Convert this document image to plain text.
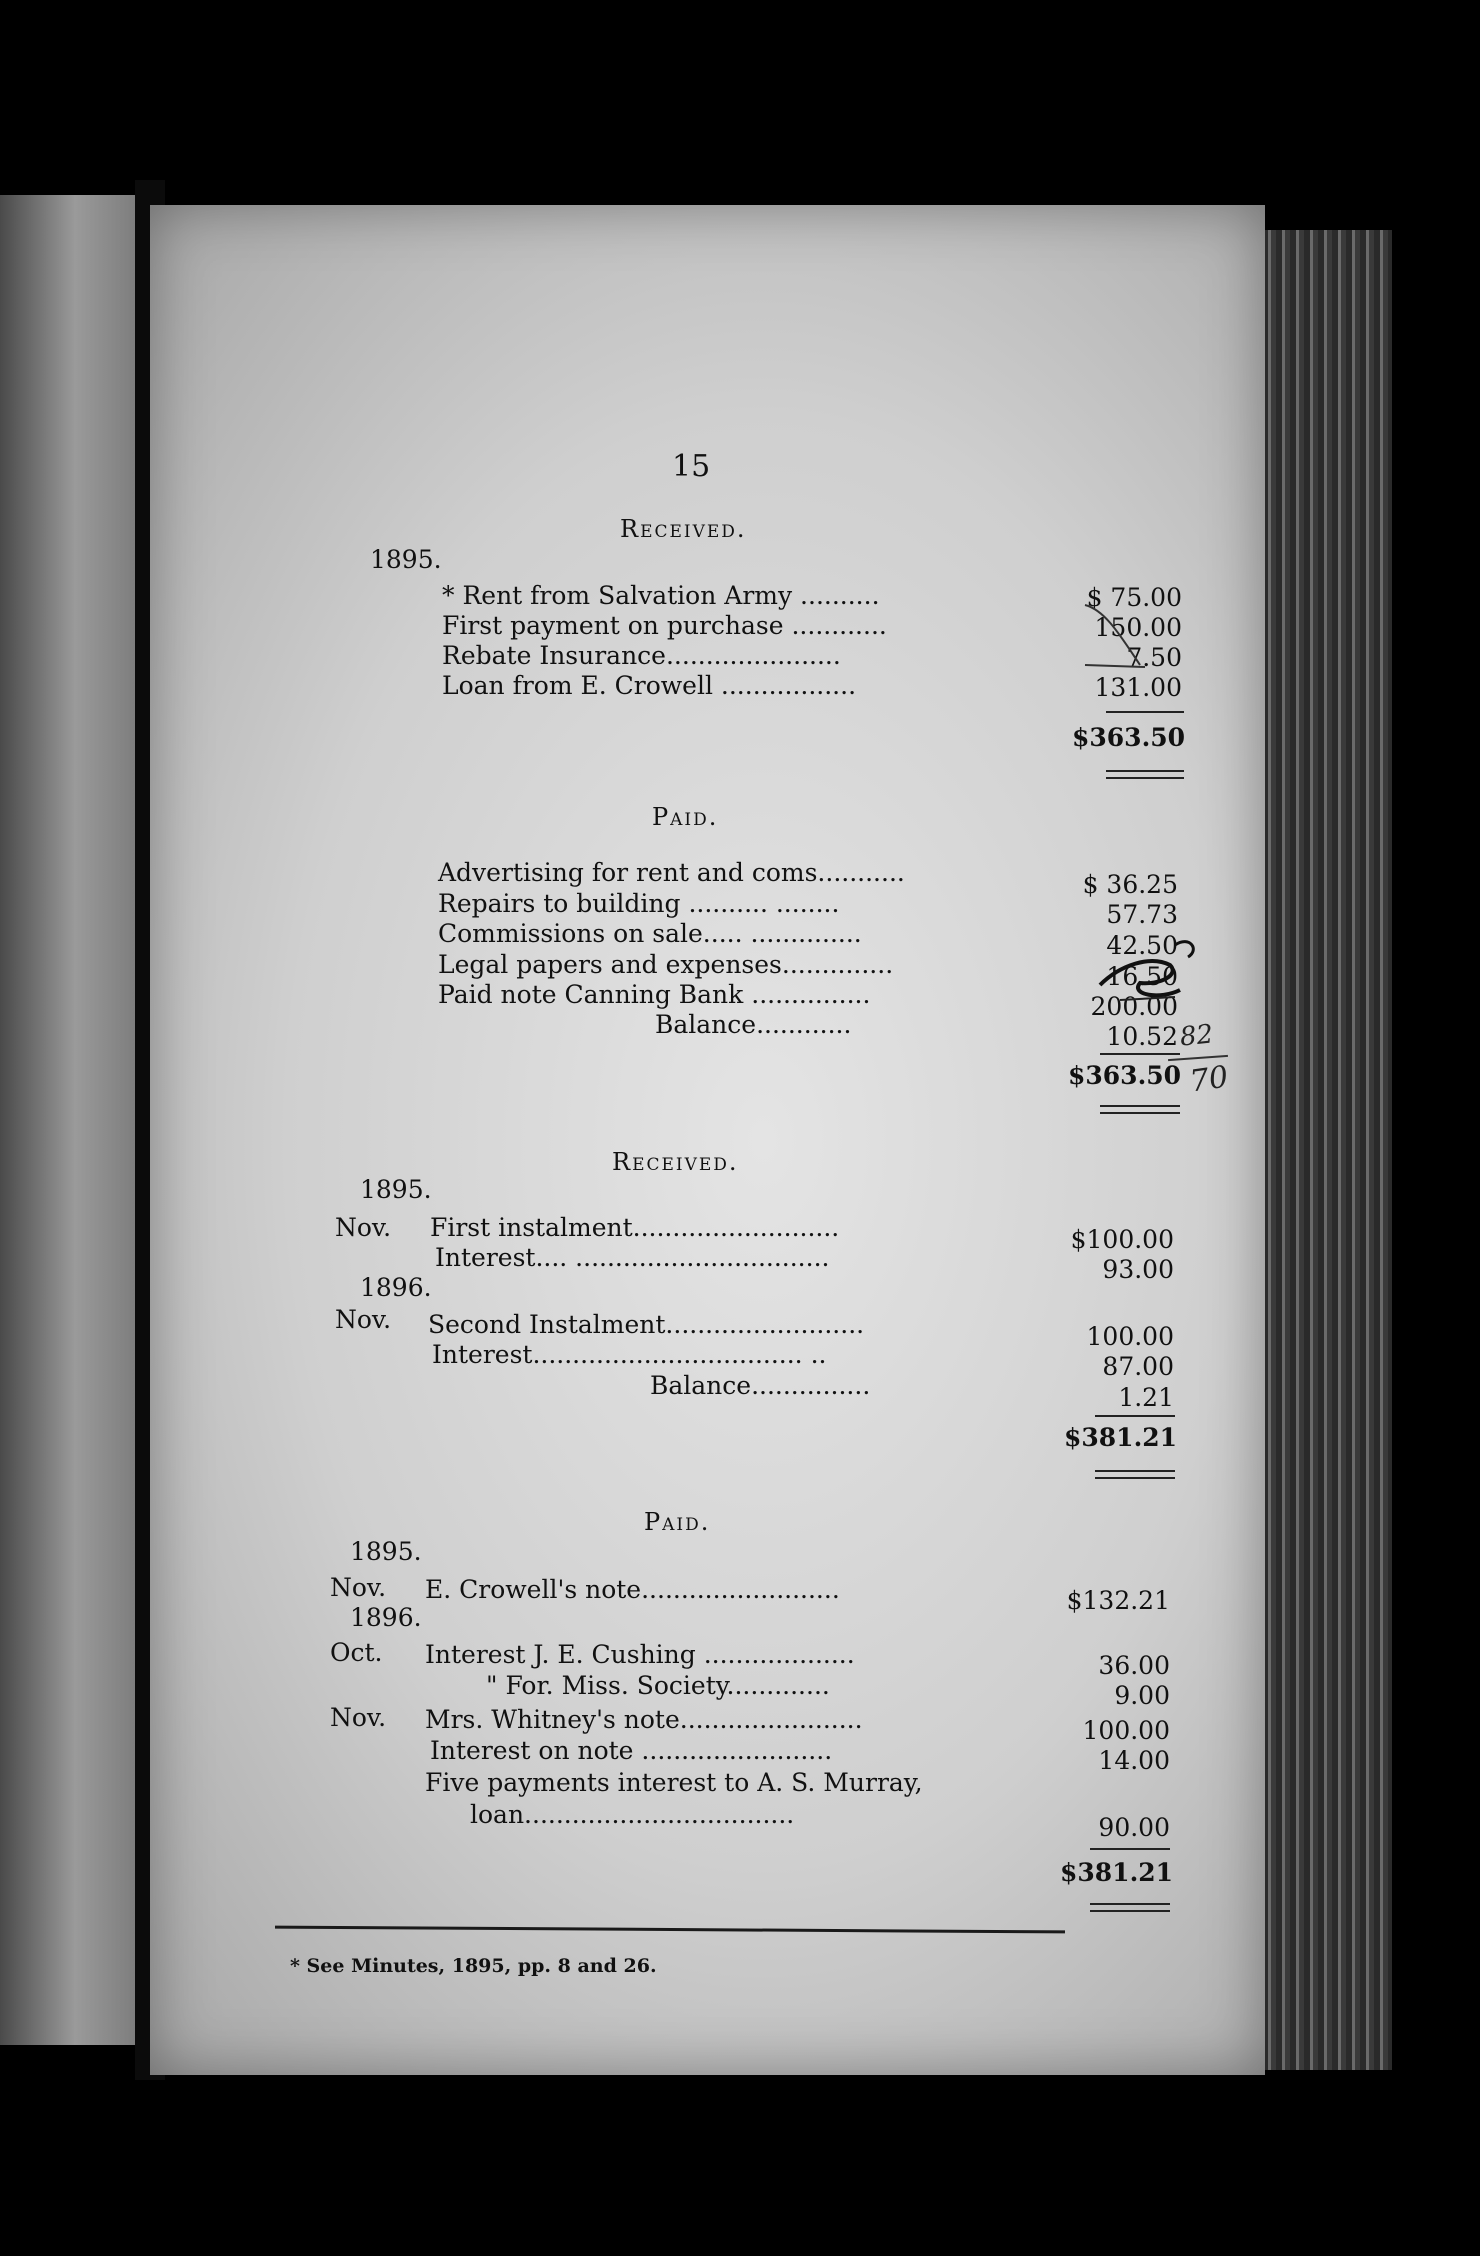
15
Received.
1895.
* Rent from Salvation Army ..........	$ 75.00
First payment on purchase ............	150.00
Rebate Insurance......................	7.50
Loan from E. Crowell .................	131.00
$363.50
Paid.
Advertising for rent and coms...........	$ 36.25
Repairs to building .......... ........	57.73
Commissions on sale..... ..............	42.50
Legal papers and expenses..............	16.50
Paid note Canning Bank ...............	200.00
Balance............	10.52
$363.50
Received.
1895.
Nov. First instalment..........................	$100.00
Interest.... ................................	93.00
1896.
Nov. Second Instalment.........................	100.00
Interest.................................. ..	87.00
Balance...............	1.21
$381.21
Paid.
1895.
Nov. E. Crowell's note.........................	$132.21
1896.
Oct. Interest J. E. Cushing ...................	36.00
" For. Miss. Society.............	9.00
Nov. Mrs. Whitney's note.......................	100.00
Interest on note ........................	14.00
Five payments interest to A. S. Murray,
loan..................................	90.00
$381.21
* See Minutes, 1895, pp. 8 and 26.
82
70
